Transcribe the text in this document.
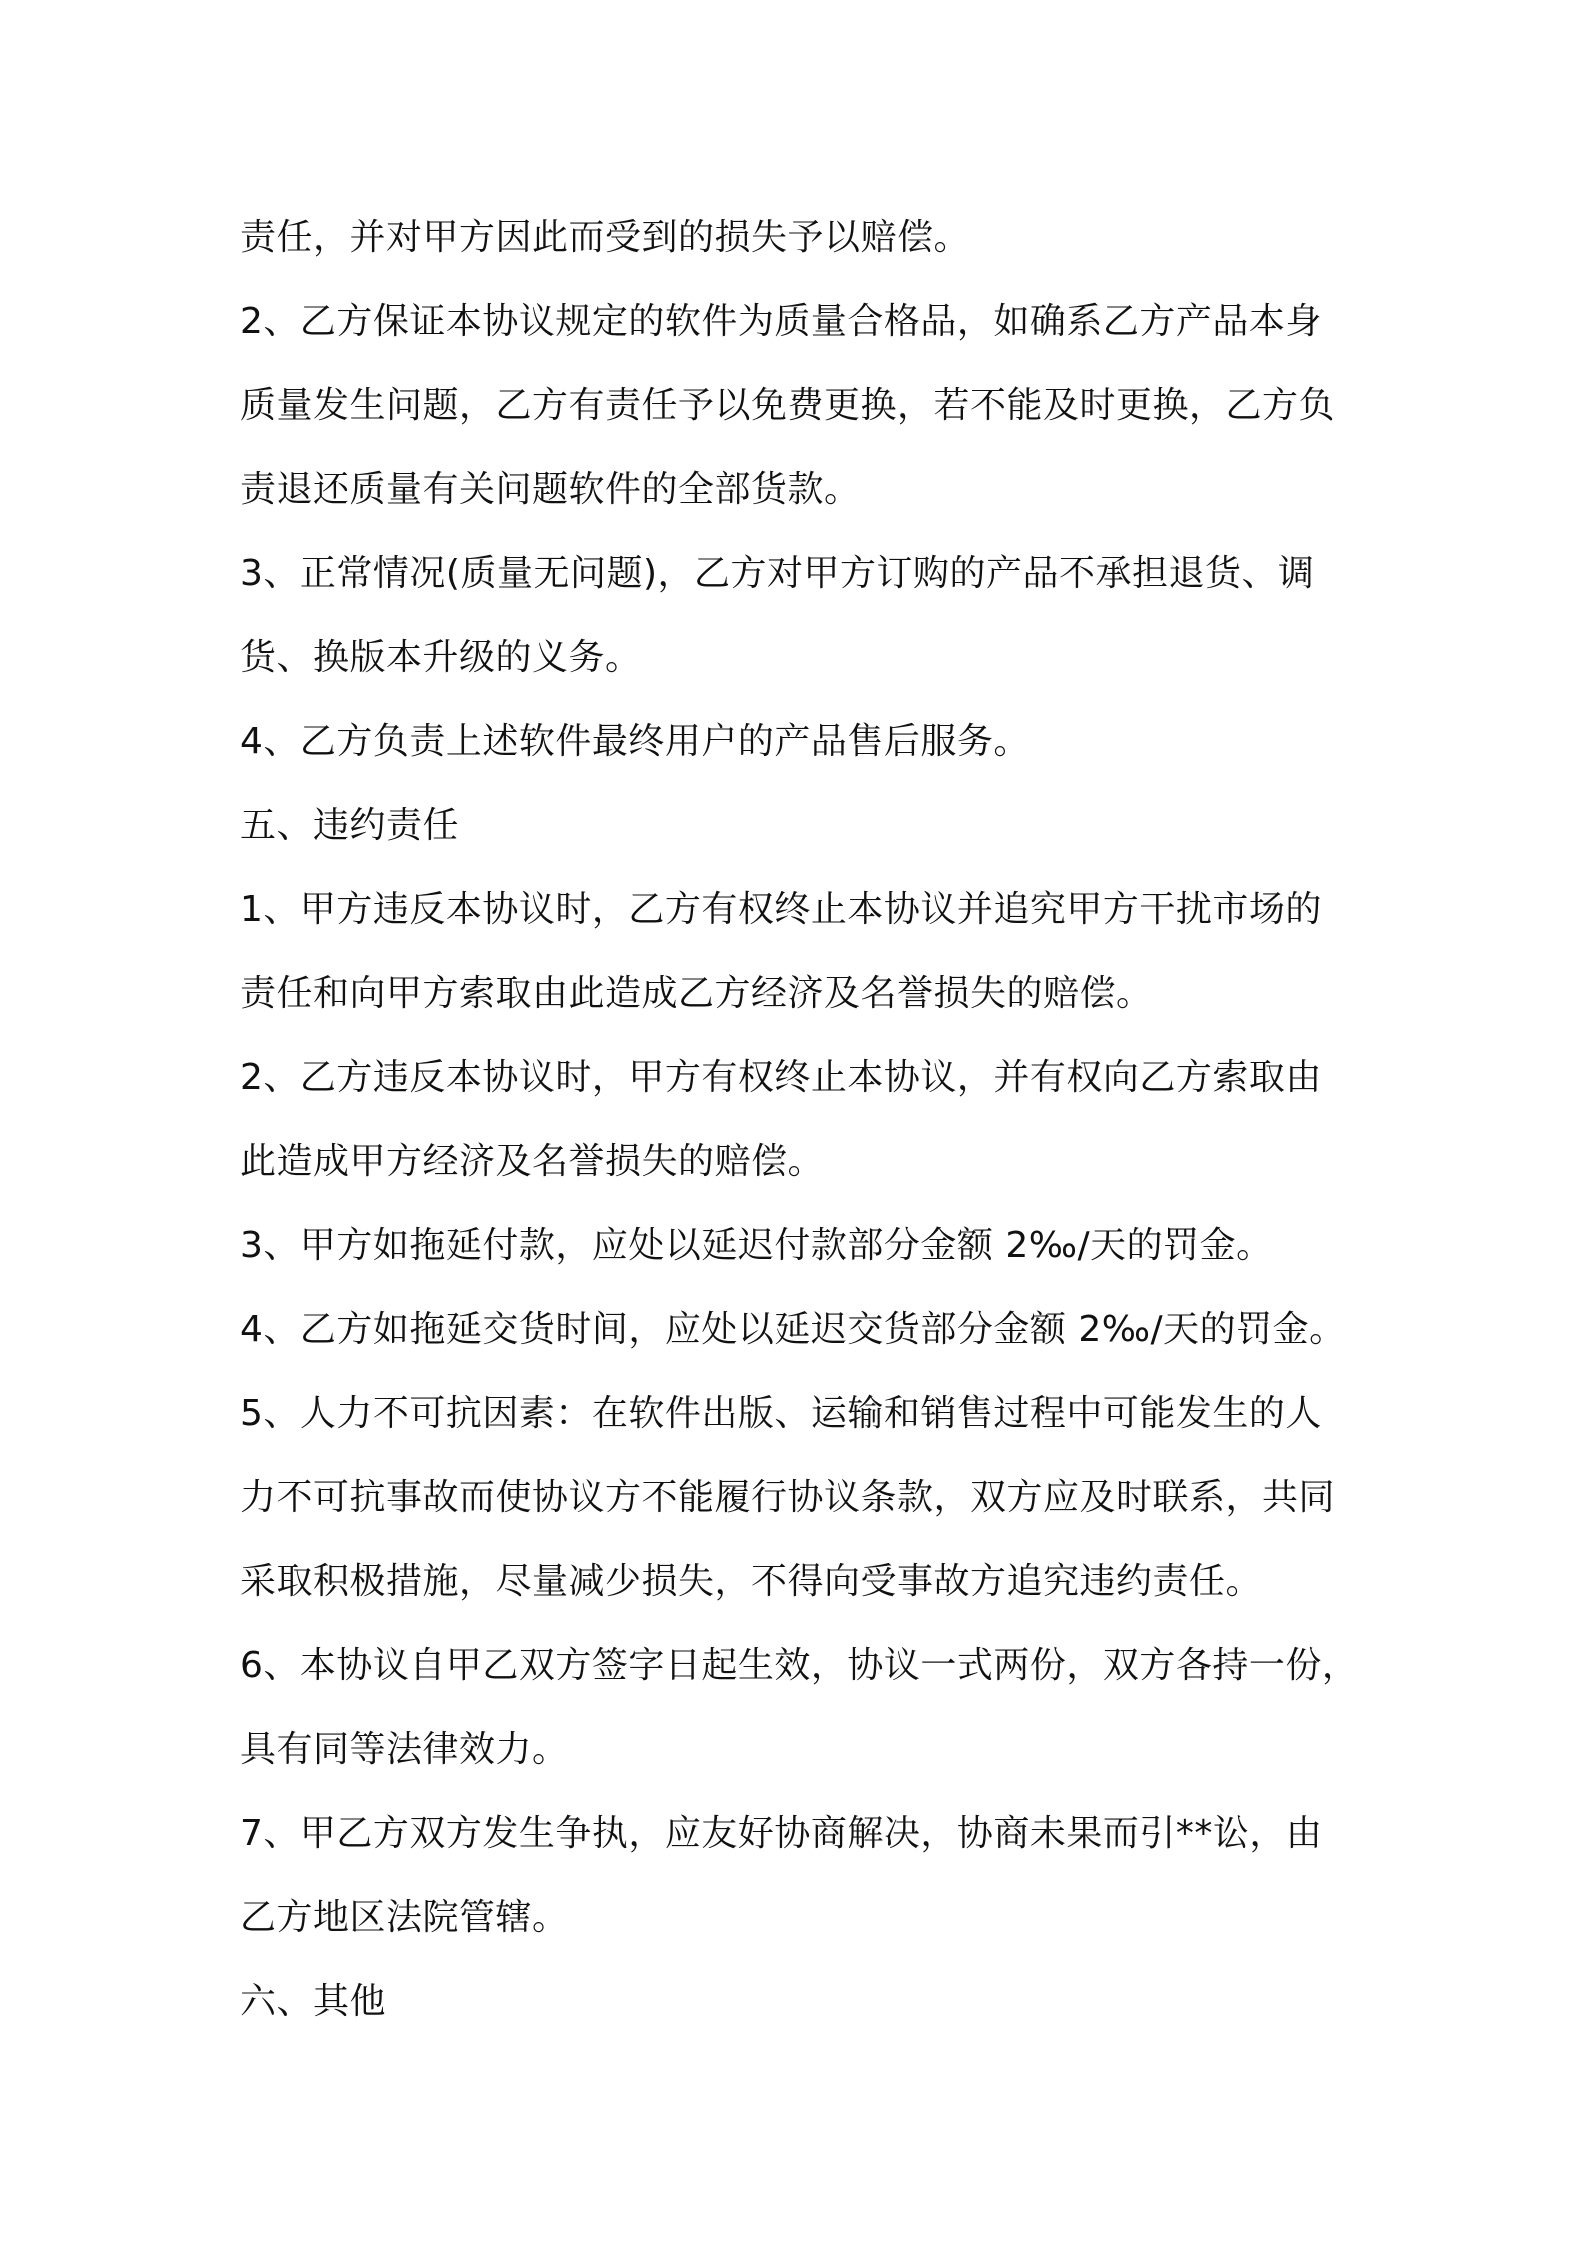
责任，并对甲方因此而受到的损失予以赔偿。
2、乙方保证本协议规定的软件为质量合格品，如确系乙方产品本身
质量发生问题，乙方有责任予以免费更换，若不能及时更换，乙方负
责退还质量有关问题软件的全部货款。
3、正常情况(质量无问题)，乙方对甲方订购的产品不承担退货、调
货、换版本升级的义务。
4、乙方负责上述软件最终用户的产品售后服务。
五、违约责任
1、甲方违反本协议时，乙方有权终止本协议并追究甲方干扰市场的
责任和向甲方索取由此造成乙方经济及名誉损失的赔偿。
2、乙方违反本协议时，甲方有权终止本协议，并有权向乙方索取由
此造成甲方经济及名誉损失的赔偿。
3、甲方如拖延付款，应处以延迟付款部分金额 2‰/天的罚金。
4、乙方如拖延交货时间，应处以延迟交货部分金额 2‰/天的罚金。
5、人力不可抗因素：在软件出版、运输和销售过程中可能发生的人
力不可抗事故而使协议方不能履行协议条款，双方应及时联系，共同
采取积极措施，尽量减少损失，不得向受事故方追究违约责任。
6、本协议自甲乙双方签字日起生效，协议一式两份，双方各持一份，
具有同等法律效力。
7、甲乙方双方发生争执，应友好协商解决，协商未果而引**讼，由
乙方地区法院管辖。
六、其他
